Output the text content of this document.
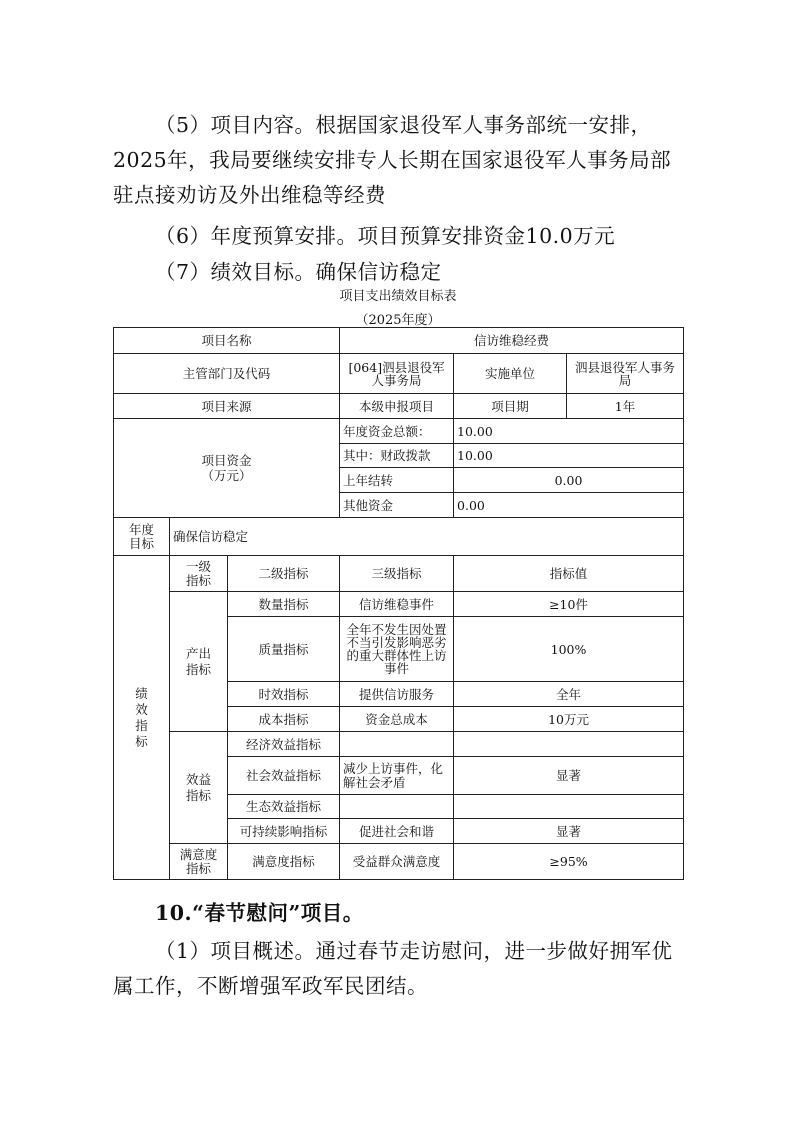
（5）项目内容。根据国家退役军人事务部统一安排，2025年，我局要继续安排专人长期在国家退役军人事务局部驻点接劝访及外出维稳等经费

（6）年度预算安排。项目预算安排资金10.0万元

（7）绩效目标。确保信访稳定

项目支出绩效目标表

（2025年度）

项目名称			信访维稳经费		
主管部门及代码			[064]泗县退役军人事务局	实施单位	泗县退役军人事务局
项目来源			本级申报项目	项目期	1年
项目资金（万元）			年度资金总额：	10.00	
			其中：财政拨款	10.00	
			上年结转	0.00	
			其他资金	0.00	
年度目标	确保信访稳定				
绩效指标	一级指标	二级指标	三级指标	指标值	
	产出指标	数量指标	信访维稳事件	≥10件	
		质量指标	全年不发生因处置不当引发影响恶劣的重大群体性上访事件	100%	
		时效指标	提供信访服务	全年	
		成本指标	资金总成本	10万元	
	效益指标	经济效益指标			
		社会效益指标	减少上访事件，化解社会矛盾	显著	
		生态效益指标			
		可持续影响指标	促进社会和谐	显著	
	满意度指标	满意度指标	受益群众满意度	≥95%	

10.“春节慰问”项目。

（1）项目概述。通过春节走访慰问，进一步做好拥军优属工作，不断增强军政军民团结。
